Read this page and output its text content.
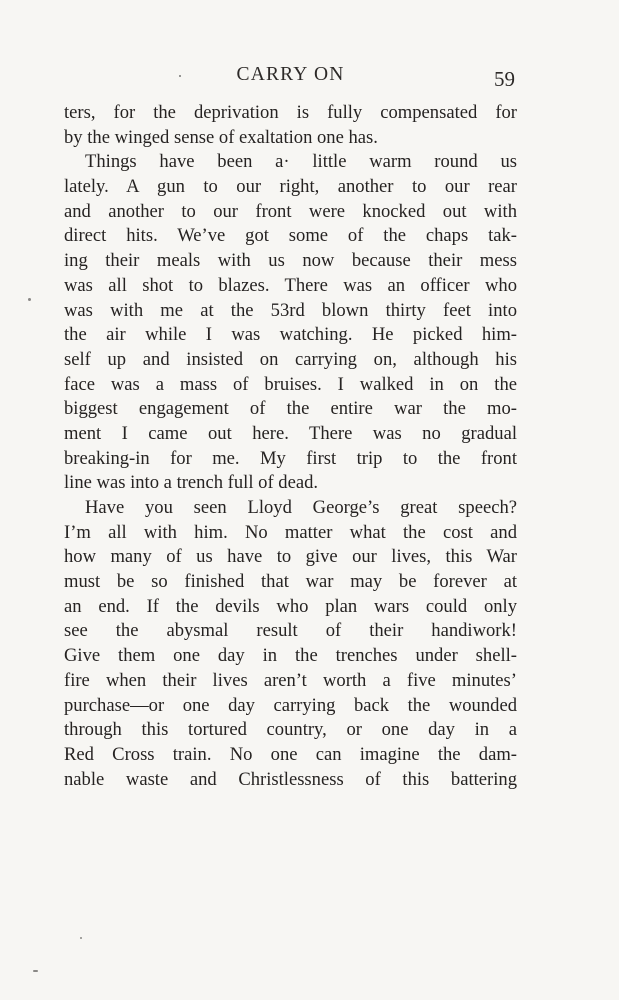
CARRY ON	59
ters, for the deprivation is fully compensated for
by the winged sense of exaltation one has.
Things have been a· little warm round us
lately. A gun to our right, another to our rear
and another to our front were knocked out with
direct hits. We’ve got some of the chaps tak-
ing their meals with us now because their mess
was all shot to blazes. There was an officer who
was with me at the 53rd blown thirty feet into
the air while I was watching. He picked him-
self up and insisted on carrying on, although his
face was a mass of bruises. I walked in on the
biggest engagement of the entire war the mo-
ment I came out here. There was no gradual
breaking-in for me. My first trip to the front
line was into a trench full of dead.
Have you seen Lloyd George’s great speech?
I’m all with him. No matter what the cost and
how many of us have to give our lives, this War
must be so finished that war may be forever at
an end. If the devils who plan wars could only
see the abysmal result of their handiwork!
Give them one day in the trenches under shell-
fire when their lives aren’t worth a five minutes’
purchase—or one day carrying back the wounded
through this tortured country, or one day in a
Red Cross train. No one can imagine the dam-
nable waste and Christlessness of this battering
